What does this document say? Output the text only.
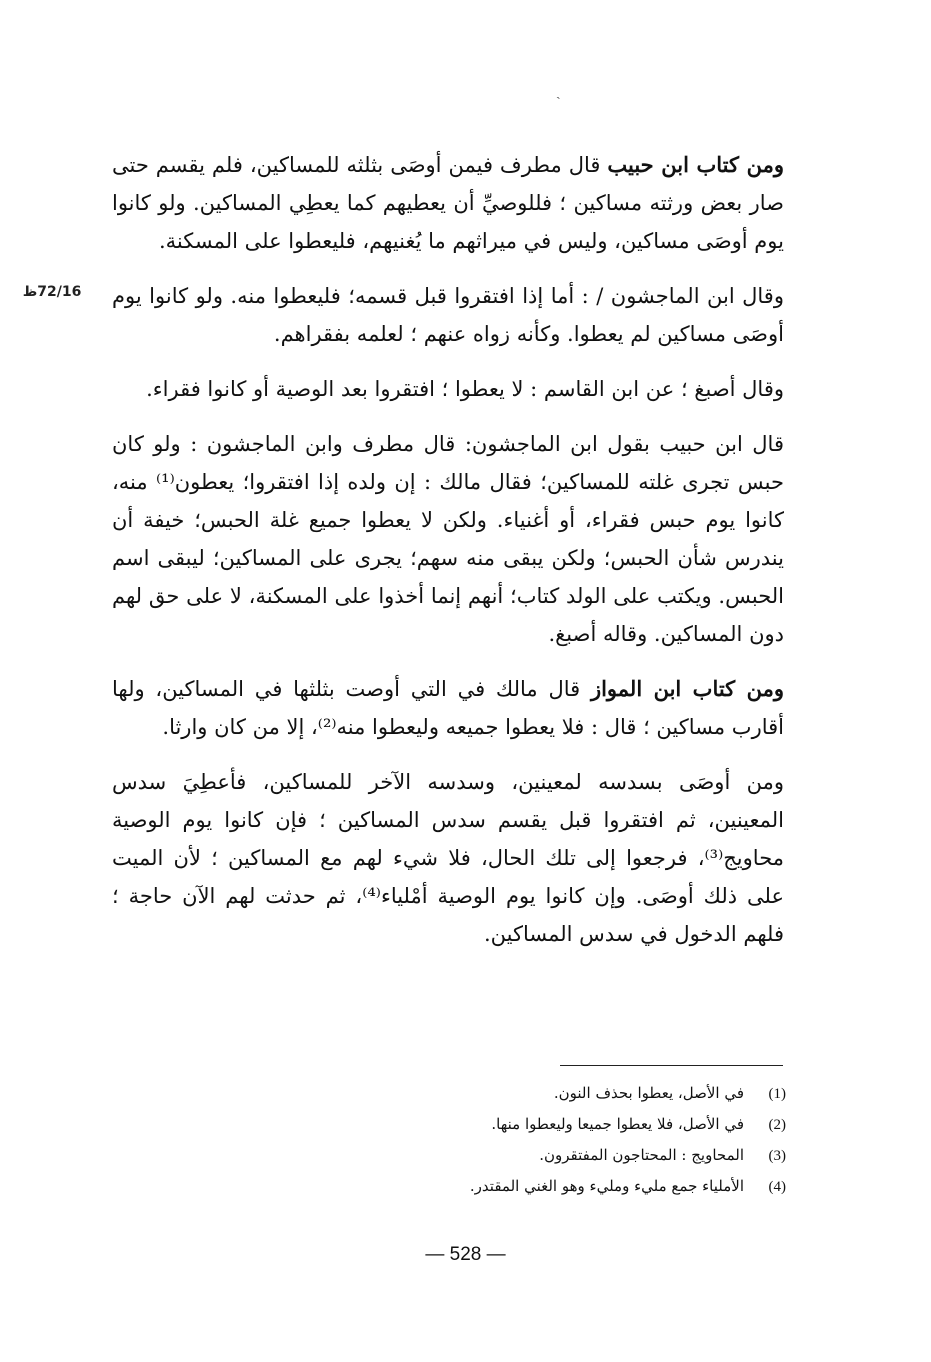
ˏ
72/16ظ

ومن كتاب ابن حبيب قال مطرف فيمن أوصَى بثلثه للمساكين، فلم يقسم حتى صار بعض ورثته مساكين ؛ فللوصيِّ أن يعطيهم كما يعطِي المساكين. ولو كانوا يوم أوصَى مساكين، وليس في ميراثهم ما يُغنيهم، فليعطوا على المسكنة.

وقال ابن الماجشون / : أما إذا افتقروا قبل قسمه؛ فليعطوا منه. ولو كانوا يوم أوصَى مساكين لم يعطوا. وكأنه زواه عنهم ؛ لعلمه بفقراهم.

وقال أصبغ ؛ عن ابن القاسم : لا يعطوا ؛ افتقروا بعد الوصية أو كانوا فقراء.

قال ابن حبيب بقول ابن الماجشون: قال مطرف وابن الماجشون : ولو كان حبس تجرى غلته للمساكين؛ فقال مالك : إن ولده إذا افتقروا؛ يعطون⁽¹⁾ منه، كانوا يوم حبس فقراء، أو أغنياء. ولكن لا يعطوا جميع غلة الحبس؛ خيفة أن يندرس شأن الحبس؛ ولكن يبقى منه سهم؛ يجرى على المساكين؛ ليبقى اسم الحبس. ويكتب على الولد كتاب؛ أنهم إنما أخذوا على المسكنة، لا على حق لهم دون المساكين. وقاله أصبغ.

ومن كتاب ابن المواز قال مالك في التي أوصت بثلثها في المساكين، ولها أقارب مساكين ؛ قال : فلا يعطوا جميعه وليعطوا منه⁽²⁾، إلا من كان وارثا.

ومن أوصَى بسدسه لمعينين، وسدسه الآخر للمساكين، فأعطِيَ سدس المعينين، ثم افتقروا قبل يقسم سدس المساكين ؛ فإن كانوا يوم الوصية محاويج⁽³⁾، فرجعوا إلى تلك الحال، فلا شيء لهم مع المساكين ؛ لأن الميت على ذلك أوصَى. وإن كانوا يوم الوصية أمْلياء⁽⁴⁾، ثم حدثت لهم الآن حاجة ؛ فلهم الدخول في سدس المساكين.

(1)
في الأصل، يعطوا بحذف النون.
(2)
في الأصل، فلا يعطوا جميعا وليعطوا منها.
(3)
المحاويج : المحتاجون المفتقرون.
(4)
الأملياء جمع مليء ومليء وهو الغني المقتدر.
— 528 —
